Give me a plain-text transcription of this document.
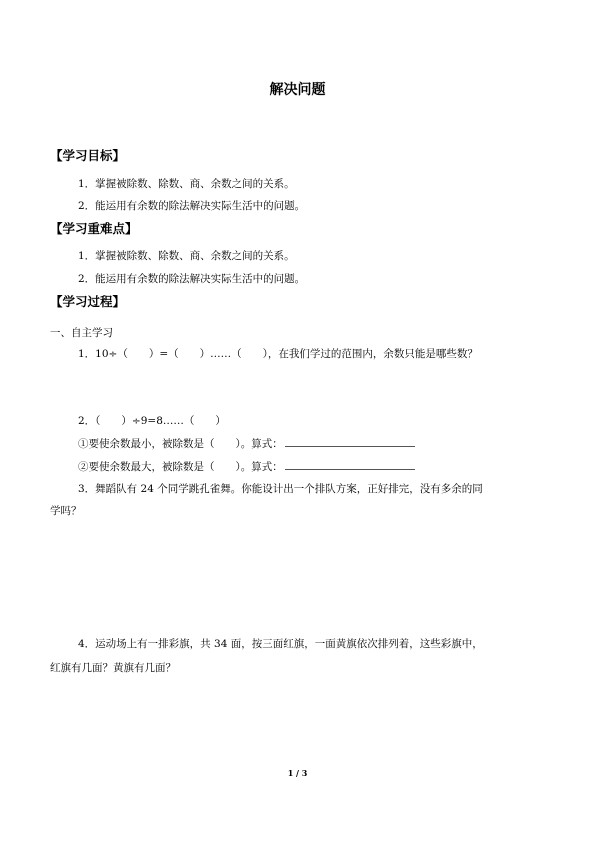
解决问题
【学习目标】
1．掌握被除数、除数、商、余数之间的关系。
2．能运用有余数的除法解决实际生活中的问题。
【学习重难点】
1．掌握被除数、除数、商、余数之间的关系。
2．能运用有余数的除法解决实际生活中的问题。
【学习过程】
一、自主学习
1．10÷（　　）=（　　）……（　　），在我们学过的范围内，余数只能是哪些数？
2．（　　）÷9=8……（　　）
①要使余数最小，被除数是（　　）。算式：
②要使余数最大，被除数是（　　）。算式：
3．舞蹈队有 24 个同学跳孔雀舞。你能设计出一个排队方案，正好排完，没有多余的同
学吗？
4．运动场上有一排彩旗，共 34 面，按三面红旗，一面黄旗依次排列着，这些彩旗中，
红旗有几面？黄旗有几面？
1 / 3
